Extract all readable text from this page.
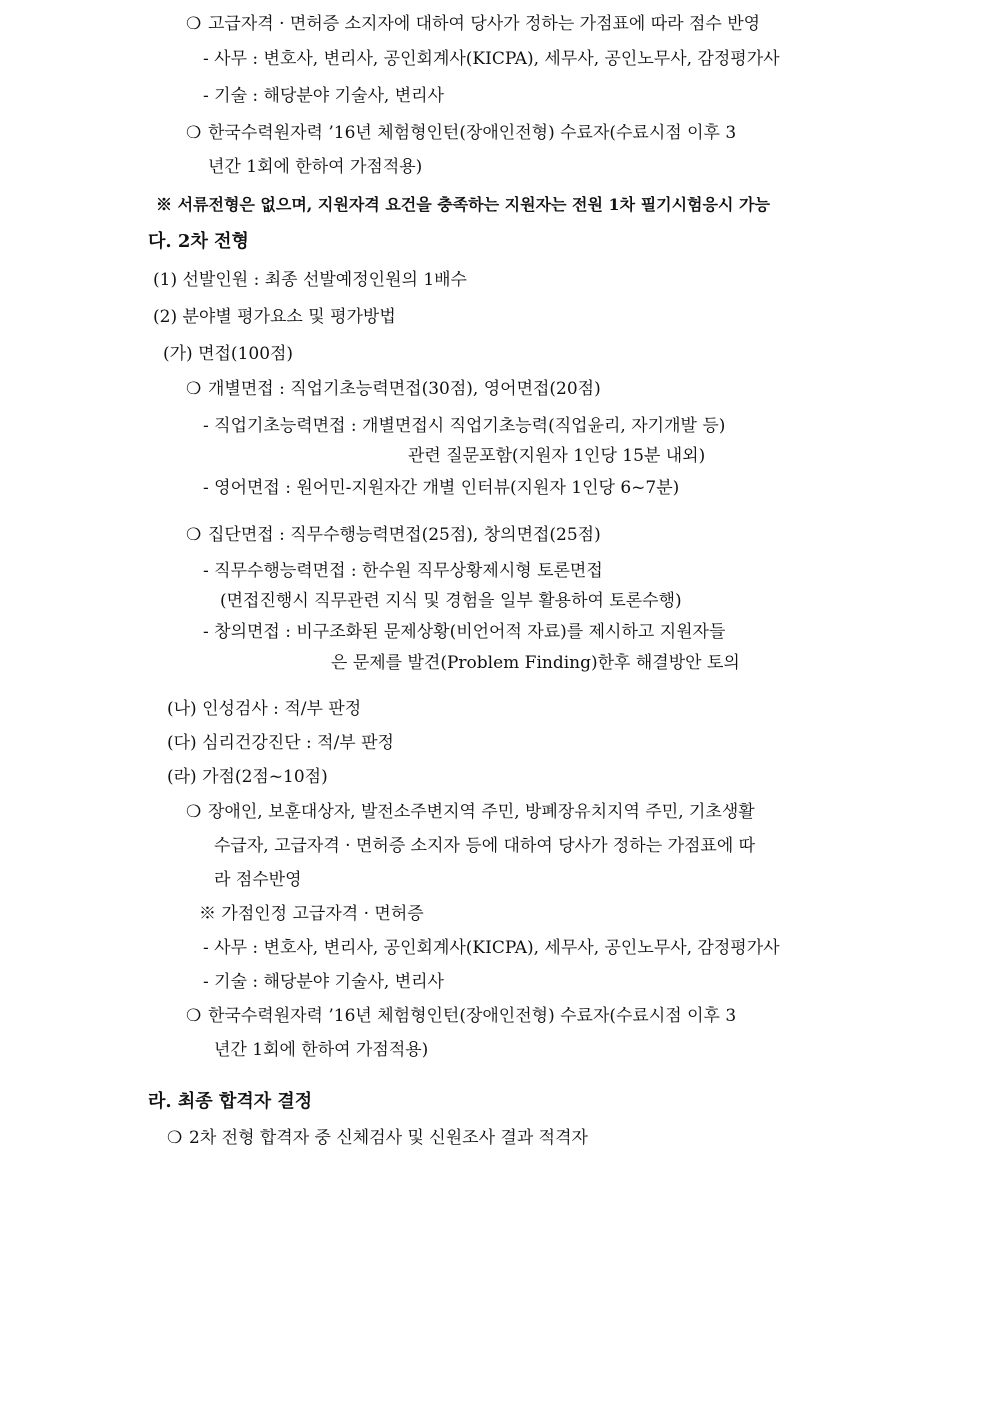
❍고급자격 · 면허증 소지자에 대하여 당사가 정하는 가점표에 따라 점수 반영
- 사무 : 변호사, 변리사, 공인회계사(KICPA), 세무사, 공인노무사, 감정평가사
- 기술 : 해당분야 기술사, 변리사
❍한국수력원자력 ’16년 체험형인턴(장애인전형) 수료자(수료시점 이후 3
년간 1회에 한하여 가점적용)
※ 서류전형은 없으며, 지원자격 요건을 충족하는 지원자는 전원 1차 필기시험응시 가능
다. 2차 전형
(1) 선발인원 : 최종 선발예정인원의 1배수
(2) 분야별 평가요소 및 평가방법
(가) 면접(100점)
❍개별면접 : 직업기초능력면접(30점), 영어면접(20점)
- 직업기초능력면접 : 개별면접시 직업기초능력(직업윤리, 자기개발 등)
관련 질문포함(지원자 1인당 15분 내외)
- 영어면접 : 원어민-지원자간 개별 인터뷰(지원자 1인당 6~7분)
❍집단면접 : 직무수행능력면접(25점), 창의면접(25점)
- 직무수행능력면접 : 한수원 직무상황제시형 토론면접
(면접진행시 직무관련 지식 및 경험을 일부 활용하여 토론수행)
- 창의면접 : 비구조화된 문제상황(비언어적 자료)를 제시하고 지원자들
은 문제를 발견(Problem Finding)한후 해결방안 토의
(나) 인성검사 : 적/부 판정
(다) 심리건강진단 : 적/부 판정
(라) 가점(2점~10점)
❍장애인, 보훈대상자, 발전소주변지역 주민, 방폐장유치지역 주민, 기초생활
수급자, 고급자격 · 면허증 소지자 등에 대하여 당사가 정하는 가점표에 따
라 점수반영
※ 가점인정 고급자격 · 면허증
- 사무 : 변호사, 변리사, 공인회계사(KICPA), 세무사, 공인노무사, 감정평가사
- 기술 : 해당분야 기술사, 변리사
❍한국수력원자력 ’16년 체험형인턴(장애인전형) 수료자(수료시점 이후 3
년간 1회에 한하여 가점적용)
라. 최종 합격자 결정
❍2차 전형 합격자 중 신체검사 및 신원조사 결과 적격자
